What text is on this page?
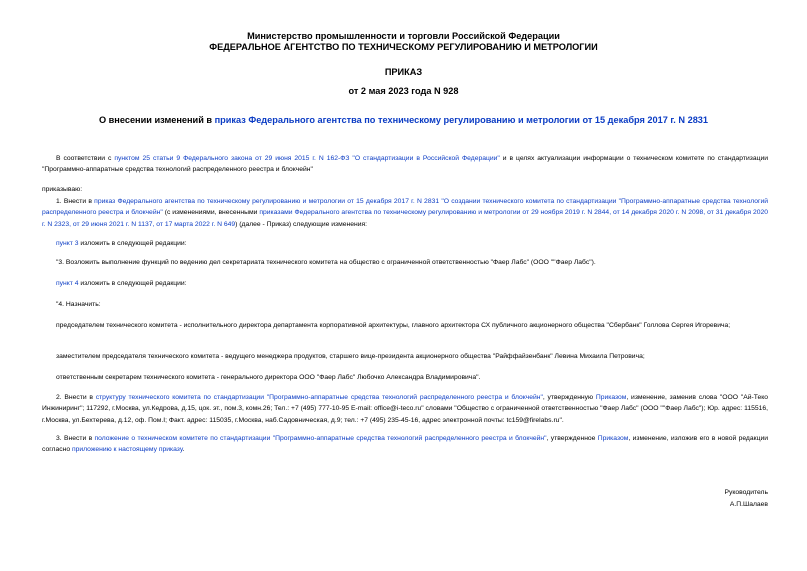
Министерство промышленности и торговли Российской Федерации
ФЕДЕРАЛЬНОЕ АГЕНТСТВО ПО ТЕХНИЧЕСКОМУ РЕГУЛИРОВАНИЮ И МЕТРОЛОГИИ
ПРИКАЗ
от 2 мая 2023 года N 928
О внесении изменений в приказ Федерального агентства по техническому регулированию и метрологии от 15 декабря 2017 г. N 2831
В соответствии с пунктом 25 статьи 9 Федерального закона от 29 июня 2015 г. N 162-ФЗ "О стандартизации в Российской Федерации" и в целях актуализации информации о техническом комитете по стандартизации "Программно-аппаратные средства технологий распределенного реестра и блокчейн"
приказываю:
1. Внести в приказ Федерального агентства по техническому регулированию и метрологии от 15 декабря 2017 г. N 2831 "О создании технического комитета по стандартизации "Программно-аппаратные средства технологий распределенного реестра и блокчейн" (с изменениями, внесенными приказами Федерального агентства по техническому регулированию и метрологии от 29 ноября 2019 г. N 2844, от 14 декабря 2020 г. N 2098, от 31 декабря 2020 г. N 2323, от 29 июня 2021 г. N 1137, от 17 марта 2022 г. N 649) (далее - Приказ) следующие изменения:
пункт 3 изложить в следующей редакции:
"3. Возложить выполнение функций по ведению дел секретариата технического комитета на общество с ограниченной ответственностью "Фаер Лабс" (ООО ""Фаер Лабс").
пункт 4 изложить в следующей редакции:
"4. Назначить:
председателем технического комитета - исполнительного директора департамента корпоративной архитектуры, главного архитектора СХ публичного акционерного общества "Сбербанк" Голлова Сергея Игоревича;
заместителем председателя технического комитета - ведущего менеджера продуктов, старшего вице-президента акционерного общества "Райффайзенбанк" Левина Михаила Петровича;
ответственным секретарем технического комитета - генерального директора ООО "Фаер Лабс" Любочко Александра Владимировича".
2. Внести в структуру технического комитета по стандартизации "Программно-аппаратные средства технологий распределенного реестра и блокчейн", утвержденную Приказом, изменение, заменив слова "ООО "Ай-Теко Инжиниринг"; 117292, г.Москва, ул.Кедрова, д.15, цок. эт., пом.3, комн.26; Тел.: +7 (495) 777-10-95 E-mail: office@i-teco.ru" словами "Общество с ограниченной ответственностью "Фаер Лабс" (ООО ""Фаер Лабс"); Юр. адрес: 115516, г.Москва, ул.Бехтерева, д.12, оф. Пом.I; Факт. адрес: 115035, г.Москва, наб.Садовническая, д.9; тел.: +7 (495) 235-45-16, адрес электронной почты: tc159@firelabs.ru".
3. Внести в положение о техническом комитете по стандартизации "Программно-аппаратные средства технологий распределенного реестра и блокчейн", утвержденное Приказом, изменение, изложив его в новой редакции согласно приложению к настоящему приказу.
Руководитель
А.П.Шалаев
